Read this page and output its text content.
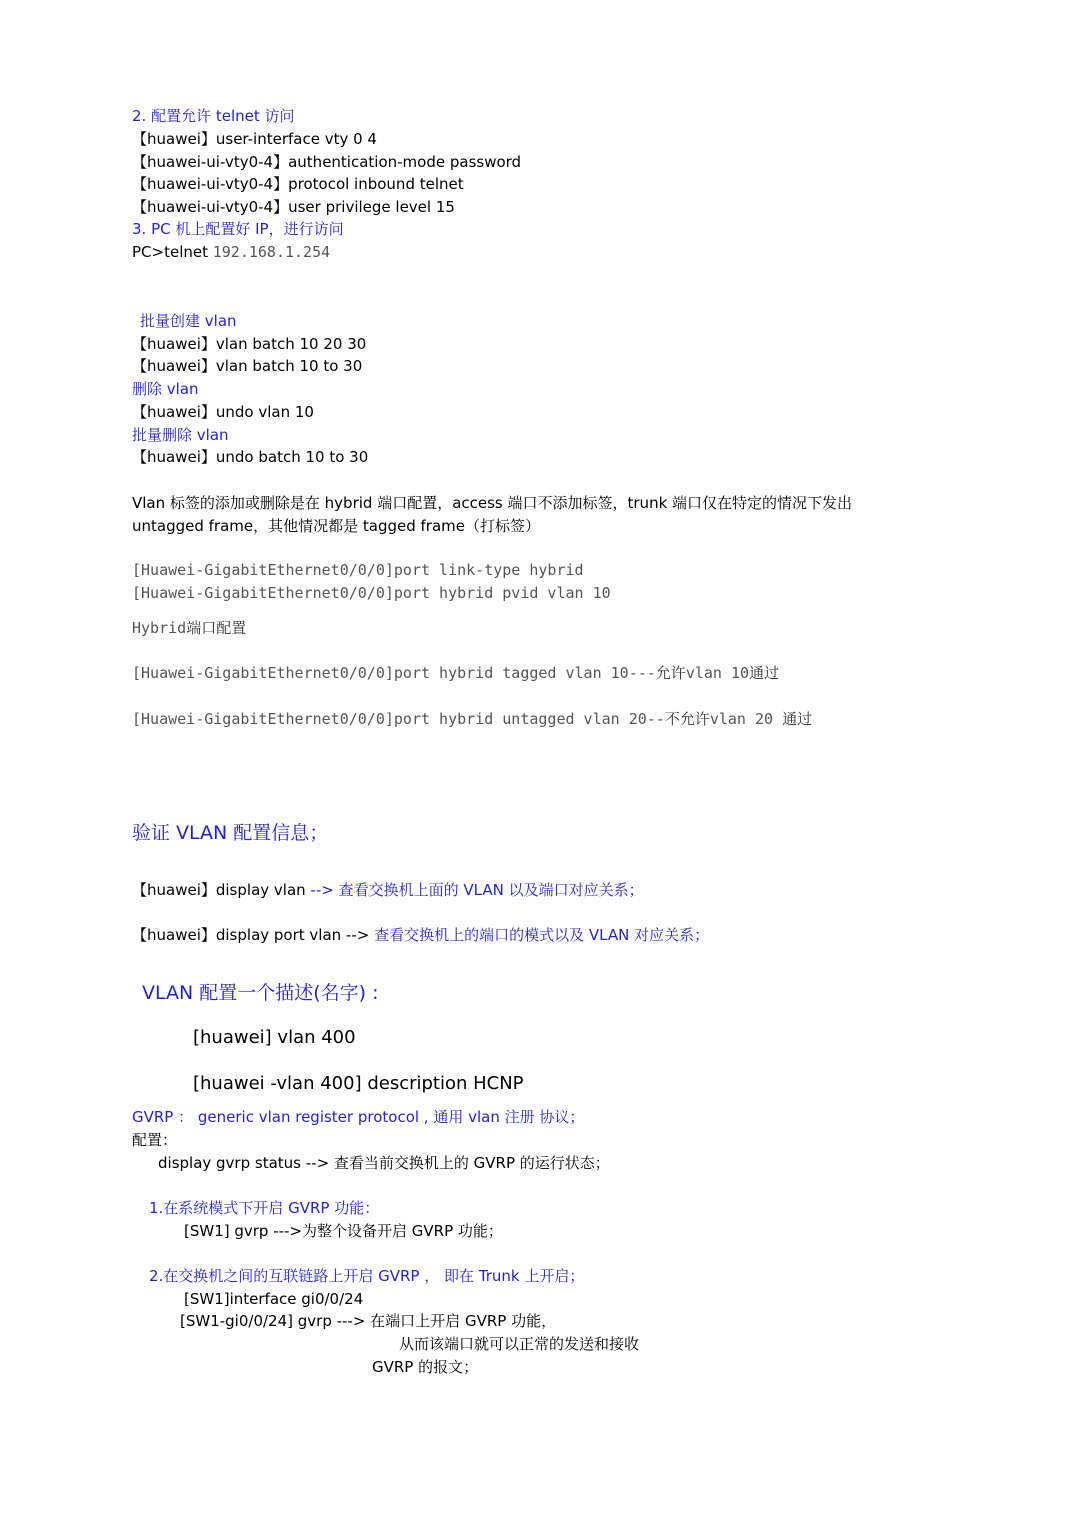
2. 配置允许 telnet 访问
【huawei】user-interface vty 0 4
【huawei-ui-vty0-4】authentication-mode password
【huawei-ui-vty0-4】protocol inbound telnet
【huawei-ui-vty0-4】user privilege level 15
3. PC 机上配置好 IP，进行访问
PC>telnet 192.168.1.254
批量创建 vlan
【huawei】vlan batch 10 20 30
【huawei】vlan batch 10 to 30
删除 vlan
【huawei】undo vlan 10
批量删除 vlan
【huawei】undo batch 10 to 30
Vlan 标签的添加或删除是在 hybrid 端口配置，access 端口不添加标签，trunk 端口仅在特定的情况下发出
untagged frame，其他情况都是 tagged frame（打标签）
[Huawei-GigabitEthernet0/0/0]port link-type hybrid
[Huawei-GigabitEthernet0/0/0]port hybrid pvid vlan 10
Hybrid端口配置
[Huawei-GigabitEthernet0/0/0]port hybrid tagged vlan 10---允许vlan 10通过
[Huawei-GigabitEthernet0/0/0]port hybrid untagged vlan 20--不允许vlan 20 通过
验证 VLAN 配置信息；
【huawei】display vlan --> 查看交换机上面的 VLAN 以及端口对应关系；
【huawei】display port vlan --> 查看交换机上的端口的模式以及 VLAN 对应关系；
VLAN 配置一个描述(名字) :
[huawei] vlan 400
[huawei -vlan 400] description HCNP
GVRP ： generic vlan register protocol , 通用 vlan 注册 协议；
配置：
display gvrp status --> 查看当前交换机上的 GVRP 的运行状态；
1.在系统模式下开启 GVRP 功能：
[SW1] gvrp --->为整个设备开启 GVRP 功能；
2.在交换机之间的互联链路上开启 GVRP ， 即在 Trunk 上开启；
[SW1]interface gi0/0/24
[SW1-gi0/0/24] gvrp ---> 在端口上开启 GVRP 功能，
从而该端口就可以正常的发送和接收
GVRP 的报文；
